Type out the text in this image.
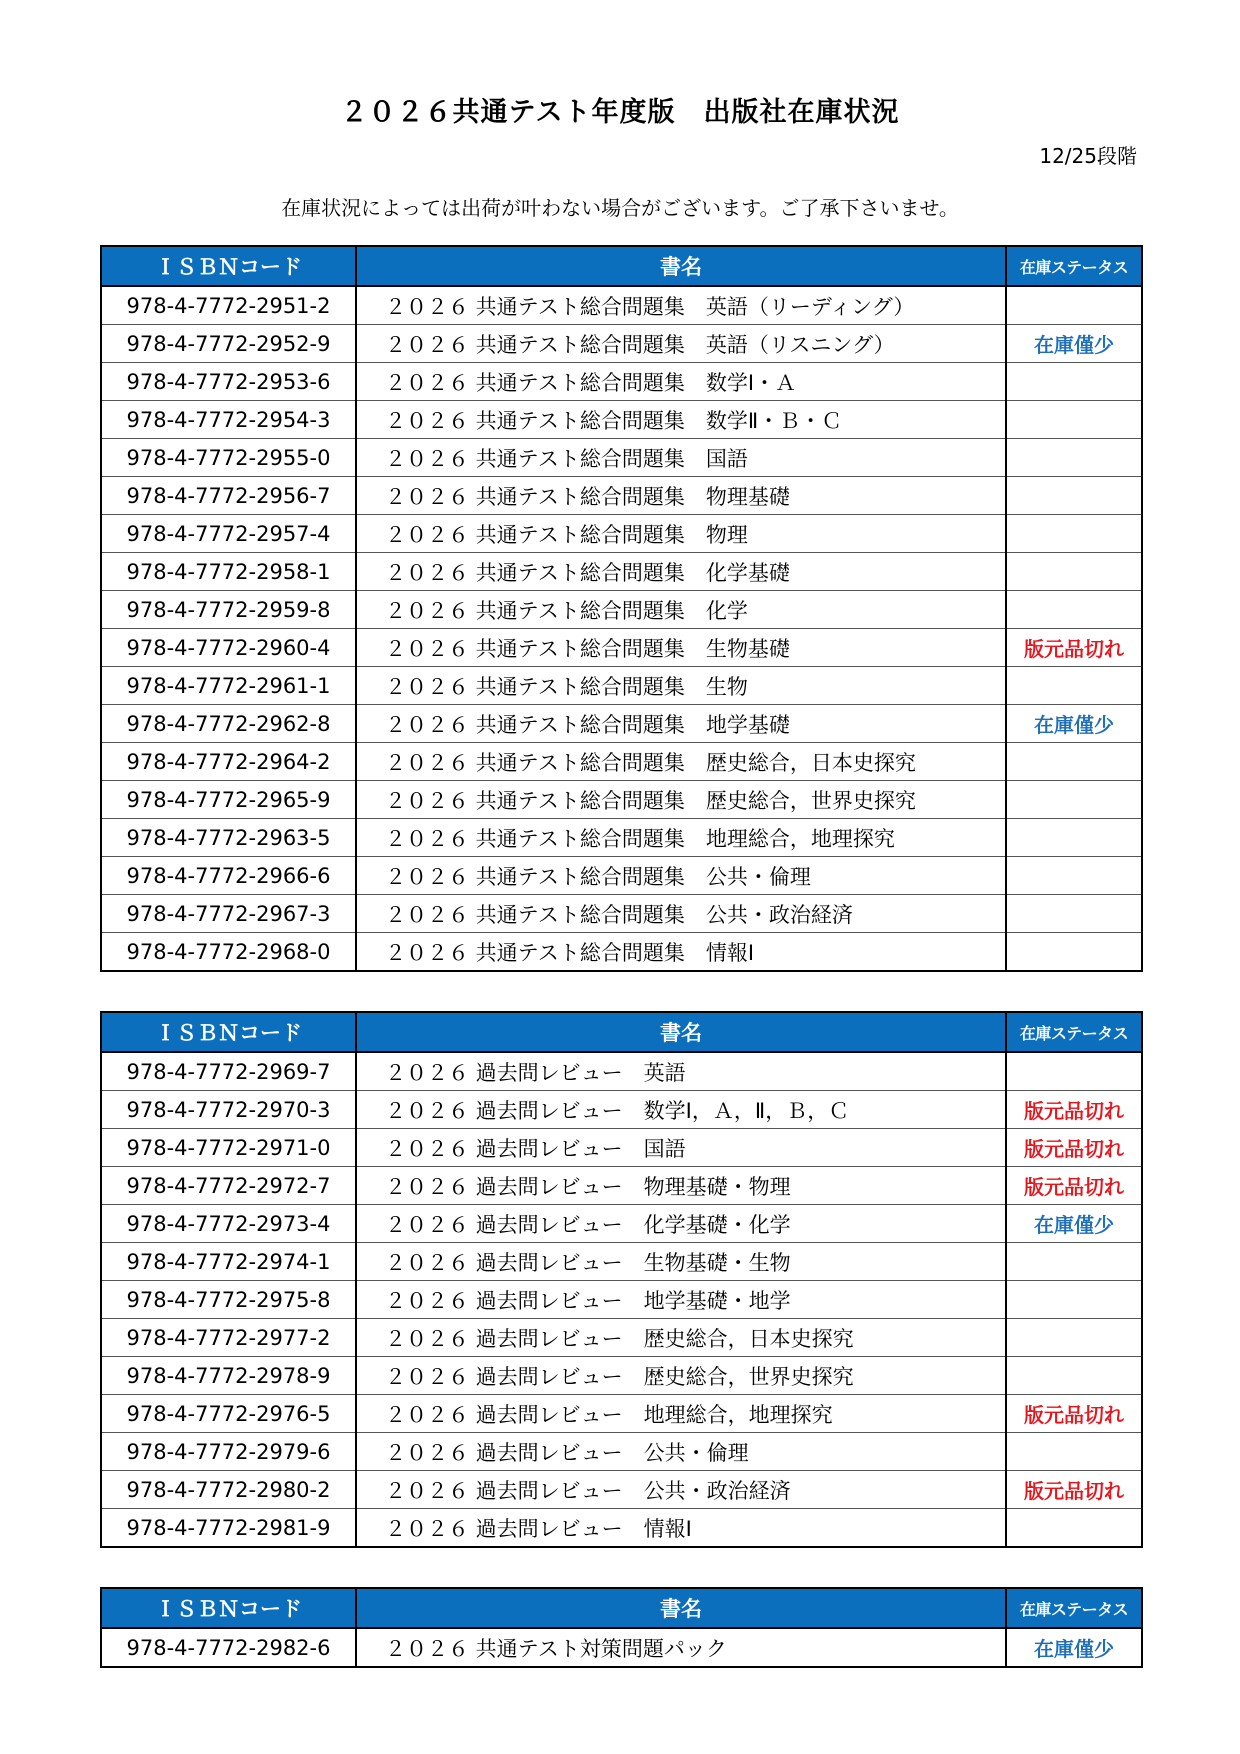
２０２６共通テスト年度版　出版社在庫状況
12/25段階
在庫状況によっては出荷が叶わない場合がございます。ご了承下さいませ。
ＩＳＢＮコード	書名	在庫ステータス
978-4-7772-2951-2	２０２６ 共通テスト総合問題集　英語（リーディング）	
978-4-7772-2952-9	２０２６ 共通テスト総合問題集　英語（リスニング）	在庫僅少
978-4-7772-2953-6	２０２６ 共通テスト総合問題集　数学Ⅰ・Ａ	
978-4-7772-2954-3	２０２６ 共通テスト総合問題集　数学Ⅱ・Ｂ・Ｃ	
978-4-7772-2955-0	２０２６ 共通テスト総合問題集　国語	
978-4-7772-2956-7	２０２６ 共通テスト総合問題集　物理基礎	
978-4-7772-2957-4	２０２６ 共通テスト総合問題集　物理	
978-4-7772-2958-1	２０２６ 共通テスト総合問題集　化学基礎	
978-4-7772-2959-8	２０２６ 共通テスト総合問題集　化学	
978-4-7772-2960-4	２０２６ 共通テスト総合問題集　生物基礎	版元品切れ
978-4-7772-2961-1	２０２６ 共通テスト総合問題集　生物	
978-4-7772-2962-8	２０２６ 共通テスト総合問題集　地学基礎	在庫僅少
978-4-7772-2964-2	２０２６ 共通テスト総合問題集　歴史総合，日本史探究	
978-4-7772-2965-9	２０２６ 共通テスト総合問題集　歴史総合，世界史探究	
978-4-7772-2963-5	２０２６ 共通テスト総合問題集　地理総合，地理探究	
978-4-7772-2966-6	２０２６ 共通テスト総合問題集　公共・倫理	
978-4-7772-2967-3	２０２６ 共通テスト総合問題集　公共・政治経済	
978-4-7772-2968-0	２０２６ 共通テスト総合問題集　情報Ⅰ	
ＩＳＢＮコード	書名	在庫ステータス
978-4-7772-2969-7	２０２６ 過去問レビュー　英語	
978-4-7772-2970-3	２０２６ 過去問レビュー　数学Ⅰ，Ａ，Ⅱ，Ｂ，Ｃ	版元品切れ
978-4-7772-2971-0	２０２６ 過去問レビュー　国語	版元品切れ
978-4-7772-2972-7	２０２６ 過去問レビュー　物理基礎・物理	版元品切れ
978-4-7772-2973-4	２０２６ 過去問レビュー　化学基礎・化学	在庫僅少
978-4-7772-2974-1	２０２６ 過去問レビュー　生物基礎・生物	
978-4-7772-2975-8	２０２６ 過去問レビュー　地学基礎・地学	
978-4-7772-2977-2	２０２６ 過去問レビュー　歴史総合，日本史探究	
978-4-7772-2978-9	２０２６ 過去問レビュー　歴史総合，世界史探究	
978-4-7772-2976-5	２０２６ 過去問レビュー　地理総合，地理探究	版元品切れ
978-4-7772-2979-6	２０２６ 過去問レビュー　公共・倫理	
978-4-7772-2980-2	２０２６ 過去問レビュー　公共・政治経済	版元品切れ
978-4-7772-2981-9	２０２６ 過去問レビュー　情報Ⅰ	
ＩＳＢＮコード	書名	在庫ステータス
978-4-7772-2982-6	２０２６ 共通テスト対策問題パック	在庫僅少
